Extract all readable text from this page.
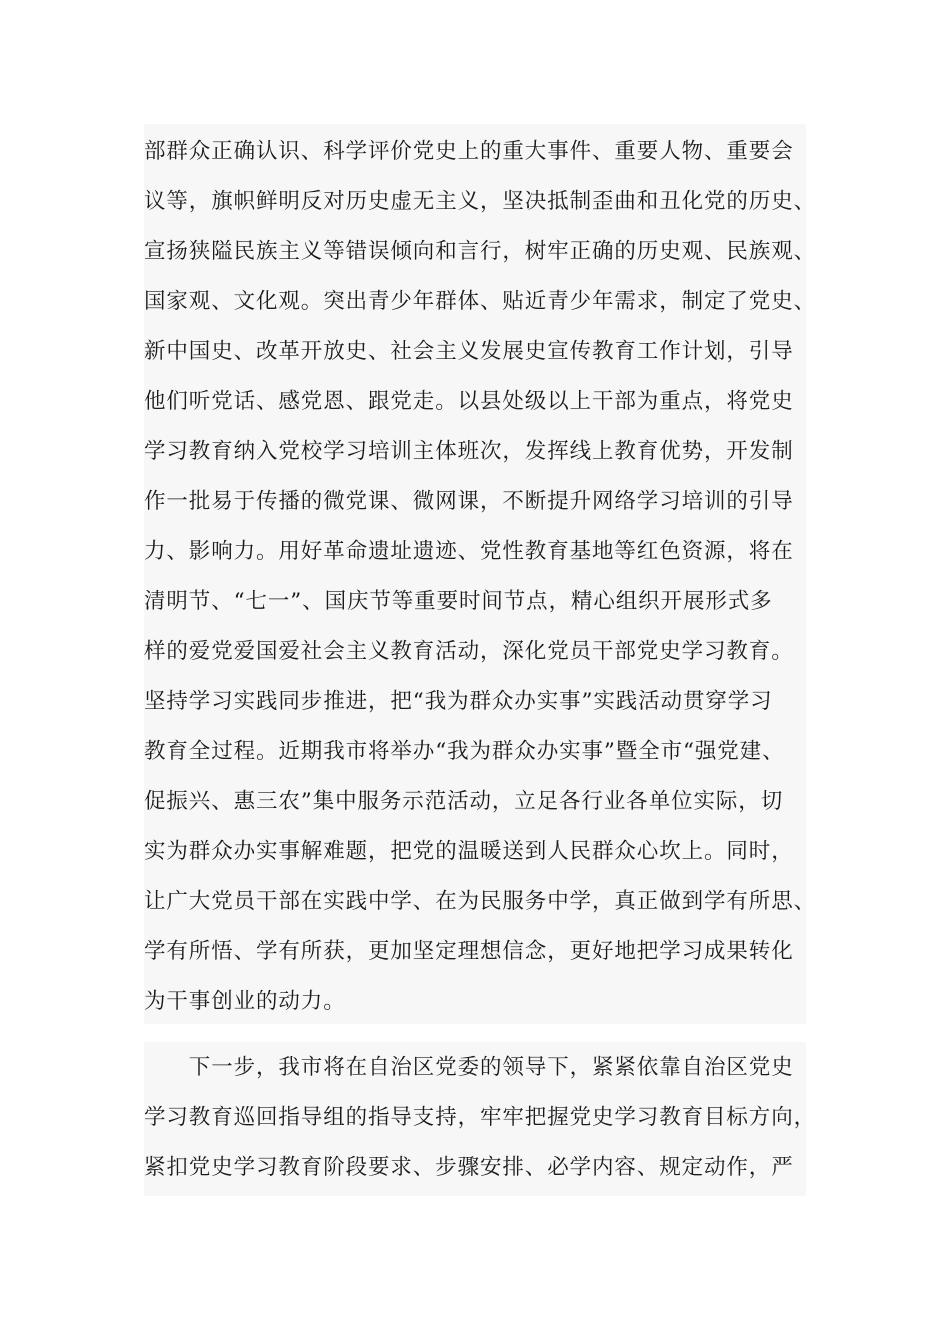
部群众正确认识、科学评价党史上的重大事件、重要人物、重要会
议等，旗帜鲜明反对历史虚无主义，坚决抵制歪曲和丑化党的历史、
宣扬狭隘民族主义等错误倾向和言行，树牢正确的历史观、民族观、
国家观、文化观。突出青少年群体、贴近青少年需求，制定了党史、
新中国史、改革开放史、社会主义发展史宣传教育工作计划，引导
他们听党话、感党恩、跟党走。以县处级以上干部为重点，将党史
学习教育纳入党校学习培训主体班次，发挥线上教育优势，开发制
作一批易于传播的微党课、微网课，不断提升网络学习培训的引导
力、影响力。用好革命遗址遗迹、党性教育基地等红色资源，将在
清明节、“七一”、国庆节等重要时间节点，精心组织开展形式多
样的爱党爱国爱社会主义教育活动，深化党员干部党史学习教育。
坚持学习实践同步推进，把“我为群众办实事”实践活动贯穿学习
教育全过程。近期我市将举办“我为群众办实事”暨全市“强党建、
促振兴、惠三农”集中服务示范活动，立足各行业各单位实际，切
实为群众办实事解难题，把党的温暖送到人民群众心坎上。同时，
让广大党员干部在实践中学、在为民服务中学，真正做到学有所思、
学有所悟、学有所获，更加坚定理想信念，更好地把学习成果转化
为干事创业的动力。
　　下一步，我市将在自治区党委的领导下，紧紧依靠自治区党史
学习教育巡回指导组的指导支持，牢牢把握党史学习教育目标方向，
紧扣党史学习教育阶段要求、步骤安排、必学内容、规定动作，严
